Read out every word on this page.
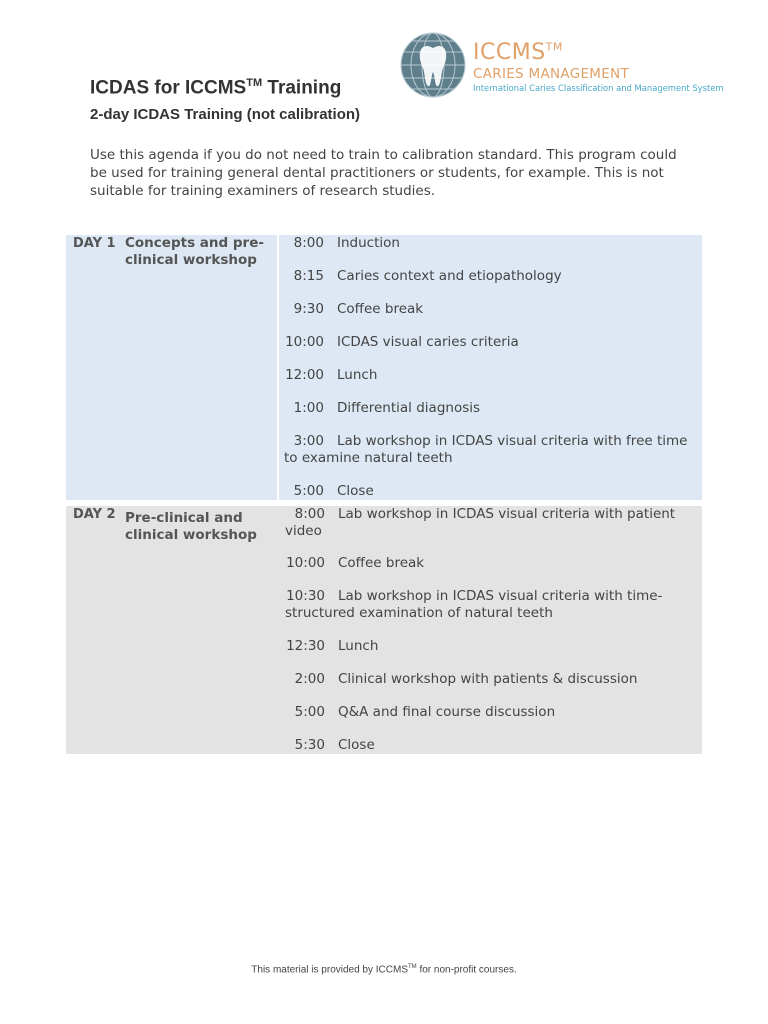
ICCMS™
CARIES MANAGEMENT
International Caries Classification and Management System
ICDAS for ICCMS™ Training
2-day ICDAS Training (not calibration)
Use this agenda if you do not need to train to calibration standard. This program could be used for training general dental practitioners or students, for example. This is not suitable for training examiners of research studies.
DAY 1 Concepts and pre-clinical workshop
8:00 Induction
8:15 Caries context and etiopathology
9:30 Coffee break
10:00 ICDAS visual caries criteria
12:00 Lunch
1:00 Differential diagnosis
3:00 Lab workshop in ICDAS visual criteria with free time to examine natural teeth
5:00 Close
DAY 2 Pre-clinical and clinical workshop
8:00 Lab workshop in ICDAS visual criteria with patient video
10:00 Coffee break
10:30 Lab workshop in ICDAS visual criteria with time-structured examination of natural teeth
12:30 Lunch
2:00 Clinical workshop with patients & discussion
5:00 Q&A and final course discussion
5:30 Close
This material is provided by ICCMS™ for non-profit courses.
